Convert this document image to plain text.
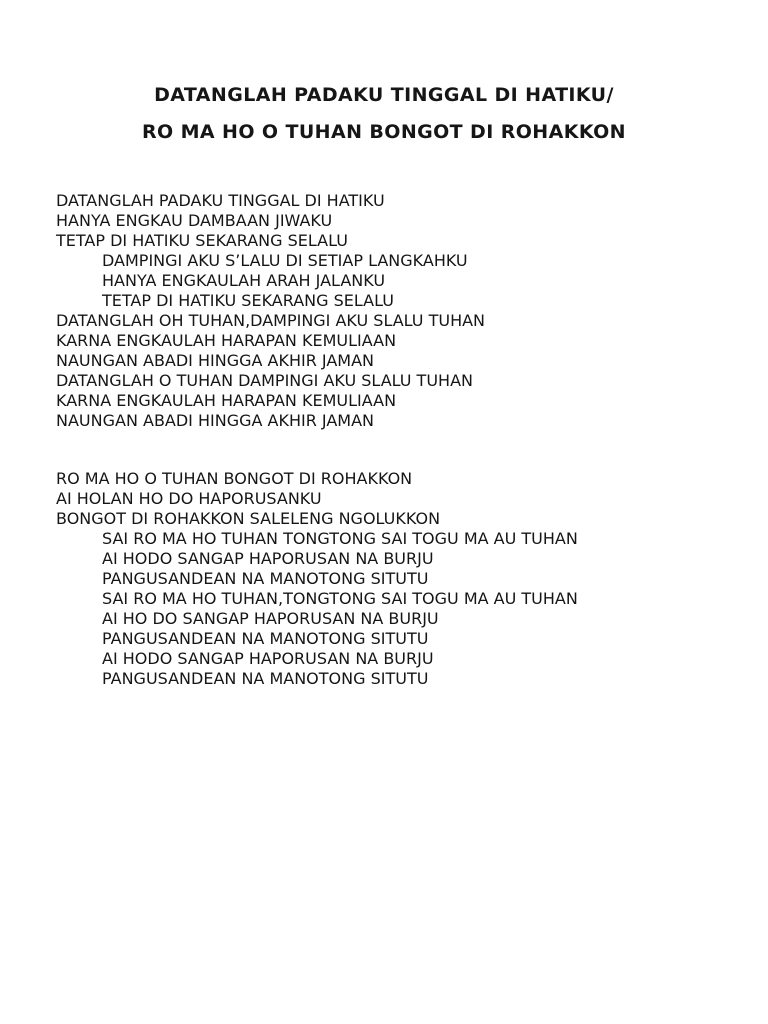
DATANGLAH PADAKU TINGGAL DI HATIKU/
RO MA HO O TUHAN BONGOT DI ROHAKKON
DATANGLAH PADAKU TINGGAL DI HATIKU
HANYA ENGKAU DAMBAAN JIWAKU
TETAP DI HATIKU SEKARANG SELALU
DAMPINGI AKU S’LALU DI SETIAP LANGKAHKU
HANYA ENGKAULAH ARAH JALANKU
TETAP DI HATIKU SEKARANG SELALU
DATANGLAH OH TUHAN,DAMPINGI AKU SLALU TUHAN
KARNA ENGKAULAH HARAPAN KEMULIAAN
NAUNGAN ABADI HINGGA AKHIR JAMAN
DATANGLAH O TUHAN DAMPINGI AKU SLALU TUHAN
KARNA ENGKAULAH HARAPAN KEMULIAAN
NAUNGAN ABADI HINGGA AKHIR JAMAN
RO MA HO O TUHAN BONGOT DI ROHAKKON
AI HOLAN HO DO HAPORUSANKU
BONGOT DI ROHAKKON SALELENG NGOLUKKON
SAI RO MA HO TUHAN TONGTONG SAI TOGU MA AU TUHAN
AI HODO SANGAP HAPORUSAN NA BURJU
PANGUSANDEAN NA MANOTONG SITUTU
SAI RO MA HO TUHAN,TONGTONG SAI TOGU MA AU TUHAN
AI HO DO SANGAP HAPORUSAN NA BURJU
PANGUSANDEAN NA MANOTONG SITUTU
AI HODO SANGAP HAPORUSAN NA BURJU
PANGUSANDEAN NA MANOTONG SITUTU
